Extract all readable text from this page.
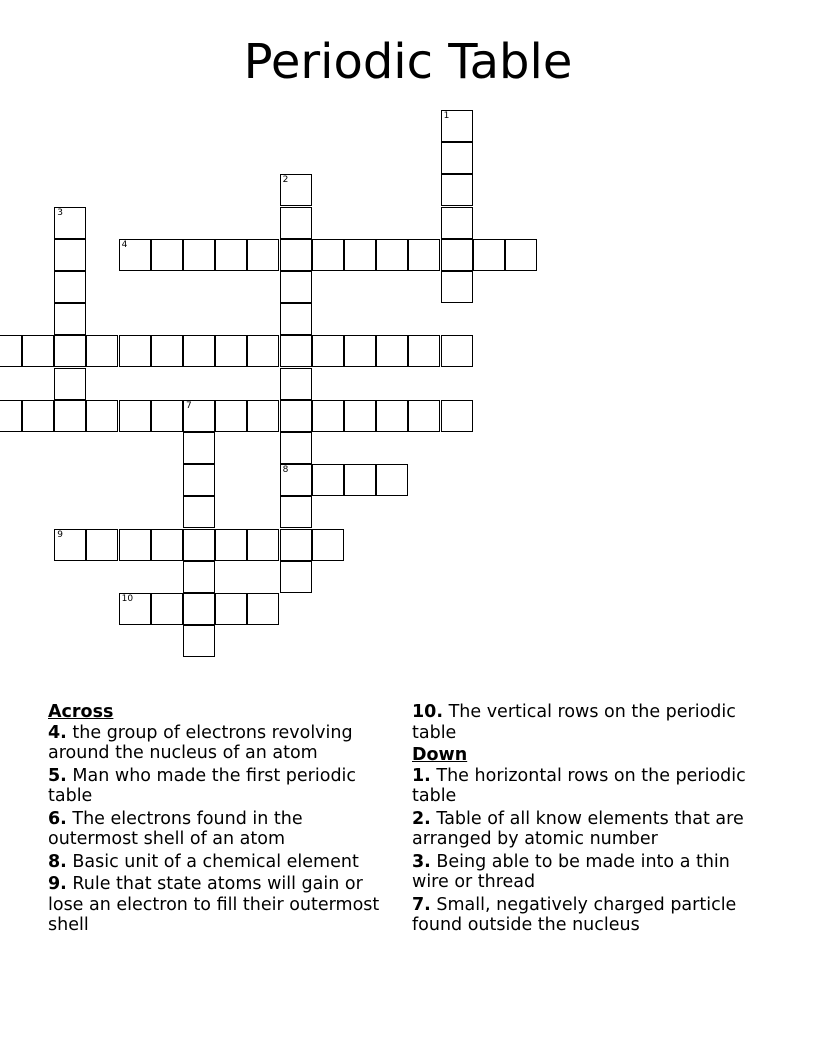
Periodic Table
4
7
8
9
10
1
2
3

Across

4. the group of electrons revolving around the nucleus of an atom

5. Man who made the first periodic table

6. The electrons found in the outermost shell of an atom

8. Basic unit of a chemical element

9. Rule that state atoms will gain or lose an electron to fill their outermost shell

10. The vertical rows on the periodic table

Down

1. The horizontal rows on the periodic table

2. Table of all know elements that are arranged by atomic number

3. Being able to be made into a thin wire or thread

7. Small, negatively charged particle found outside the nucleus
